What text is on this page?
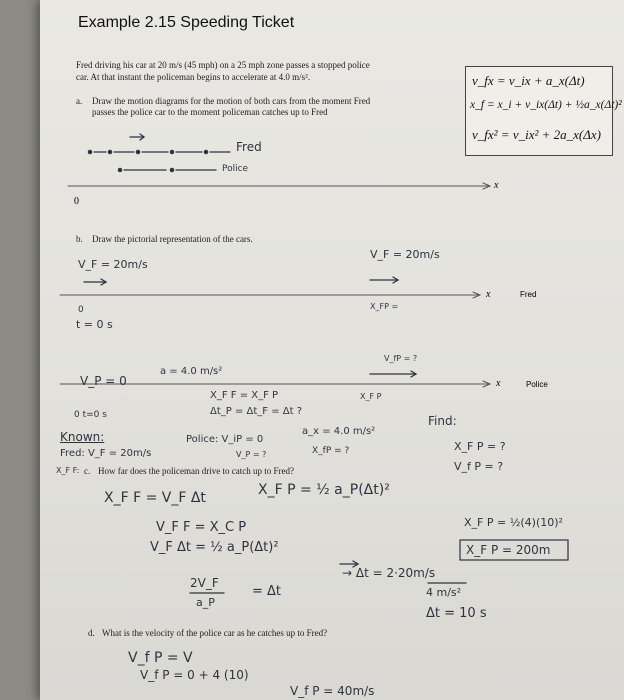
Example 2.15 Speeding Ticket
Fred driving his car at 20 m/s (45 mph) on a 25 mph zone passes a stopped police
car. At that instant the policeman begins to accelerate at 4.0 m/s².
a. Draw the motion diagrams for the motion of both cars from the moment Fred
passes the police car to the moment policeman catches up to Fred
v_fx = v_ix + a_x(Δt)
x_f = x_i + v_ix(Δt) + ½a_x(Δt)²
v_fx² = v_ix² + 2a_x(Δx)
Fred
Police
0
x
b. Draw the pictorial representation of the cars.
V_F = 20m/s
V_F = 20m/s
X_FP =
x	Fred
0
t = 0 s
a = 4.0 m/s²
V_fP = ?
V_P = 0	x	Police
0 t=0 s
X_F F = X_F P
Δt_P = Δt_F = Δt ?
X_F P
Known:
Fred: V_F = 20m/s
Police: V_iP = 0
a_x = 4.0 m/s²
V_P = ?	X_fP = ?
X_F F:
Find:
X_F P = ?
V_f P = ?
c. How far does the policeman drive to catch up to Fred?
X_F F = V_F Δt	X_F P = ½ a_P(Δt)²
V_F F = X_C P
V_F Δt = ½ a_P(Δt)²
2V_F
a_P
= Δt
→ Δt = 2·20m/s
4 m/s²
Δt = 10 s
X_F P = ½(4)(10)²
X_F P = 200m
d. What is the velocity of the police car as he catches up to Fred?
V_f P = V
V_f P = 0 + 4 (10)
V_f P = 40m/s
